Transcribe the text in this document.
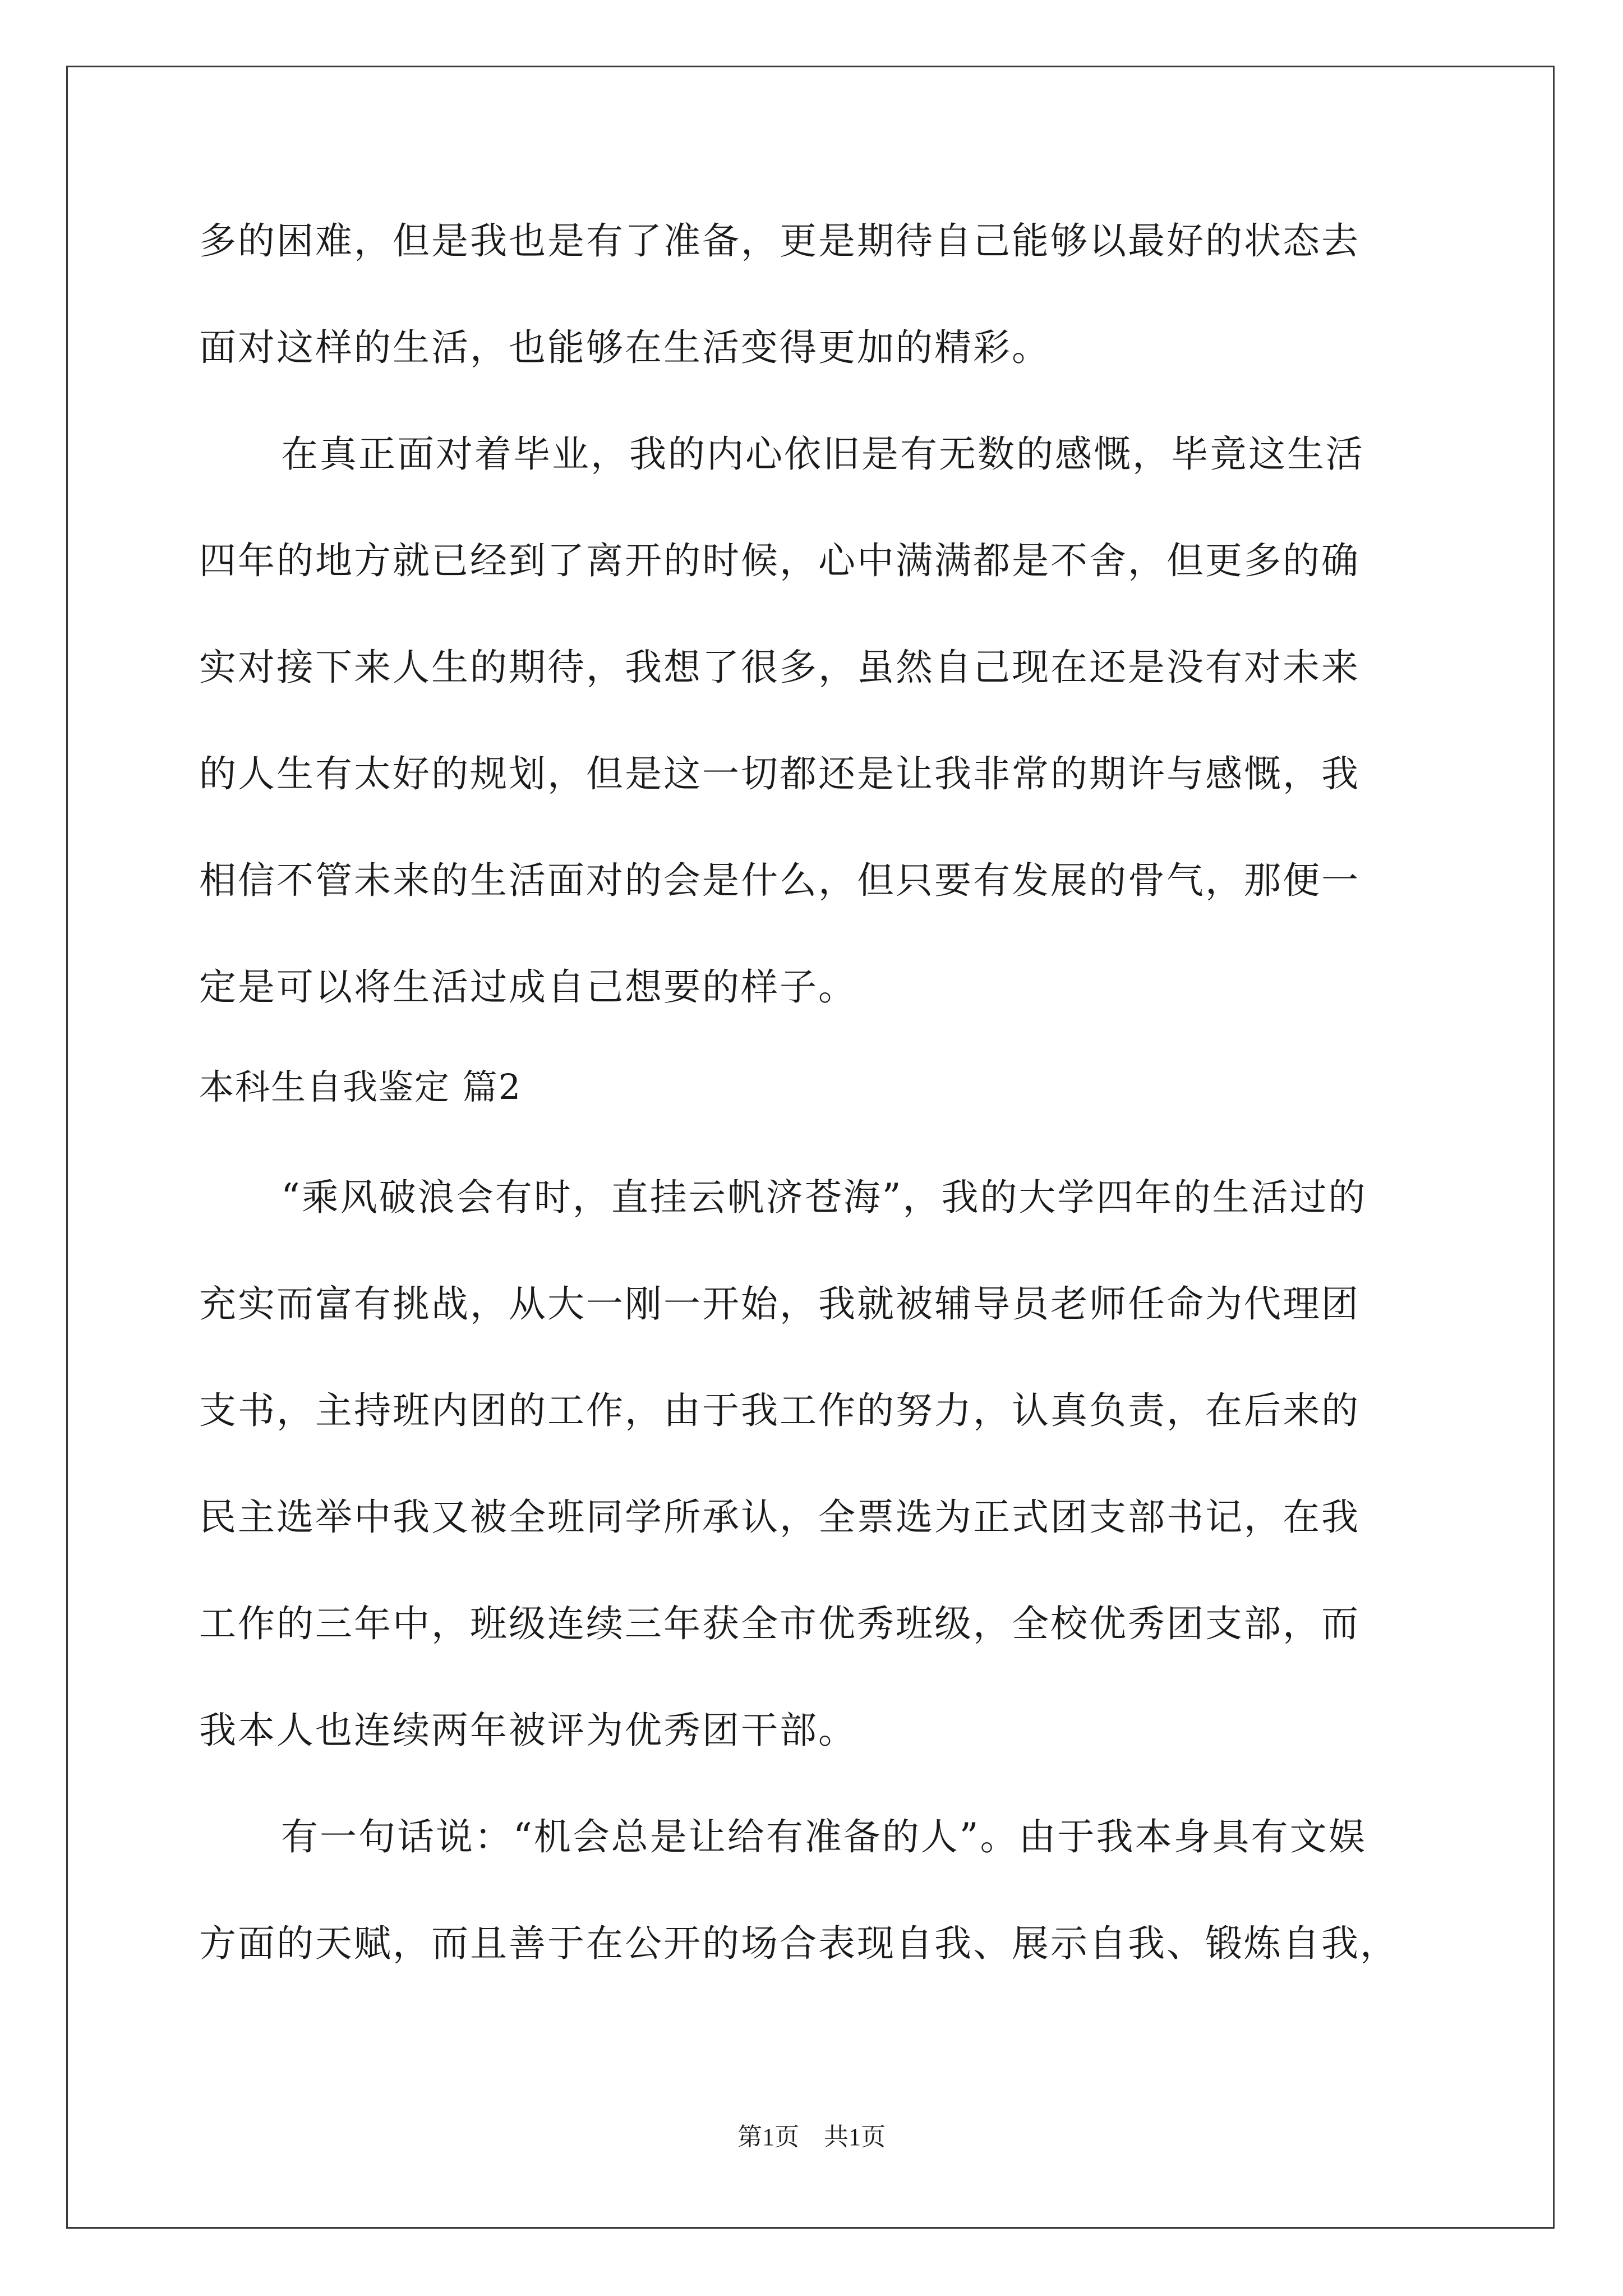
多的困难，但是我也是有了准备，更是期待自己能够以最好的状态去
面对这样的生活，也能够在生活变得更加的精彩。
在真正面对着毕业，我的内心依旧是有无数的感慨，毕竟这生活
四年的地方就已经到了离开的时候，心中满满都是不舍，但更多的确
实对接下来人生的期待，我想了很多，虽然自己现在还是没有对未来
的人生有太好的规划，但是这一切都还是让我非常的期许与感慨，我
相信不管未来的生活面对的会是什么，但只要有发展的骨气，那便一
定是可以将生活过成自己想要的样子。
本科生自我鉴定 篇2
“乘风破浪会有时，直挂云帆济苍海”，我的大学四年的生活过的
充实而富有挑战，从大一刚一开始，我就被辅导员老师任命为代理团
支书，主持班内团的工作，由于我工作的努力，认真负责，在后来的
民主选举中我又被全班同学所承认，全票选为正式团支部书记，在我
工作的三年中，班级连续三年获全市优秀班级，全校优秀团支部，而
我本人也连续两年被评为优秀团干部。
有一句话说：“机会总是让给有准备的人”。由于我本身具有文娱
方面的天赋，而且善于在公开的场合表现自我、展示自我、锻炼自我，
第1页　共1页
